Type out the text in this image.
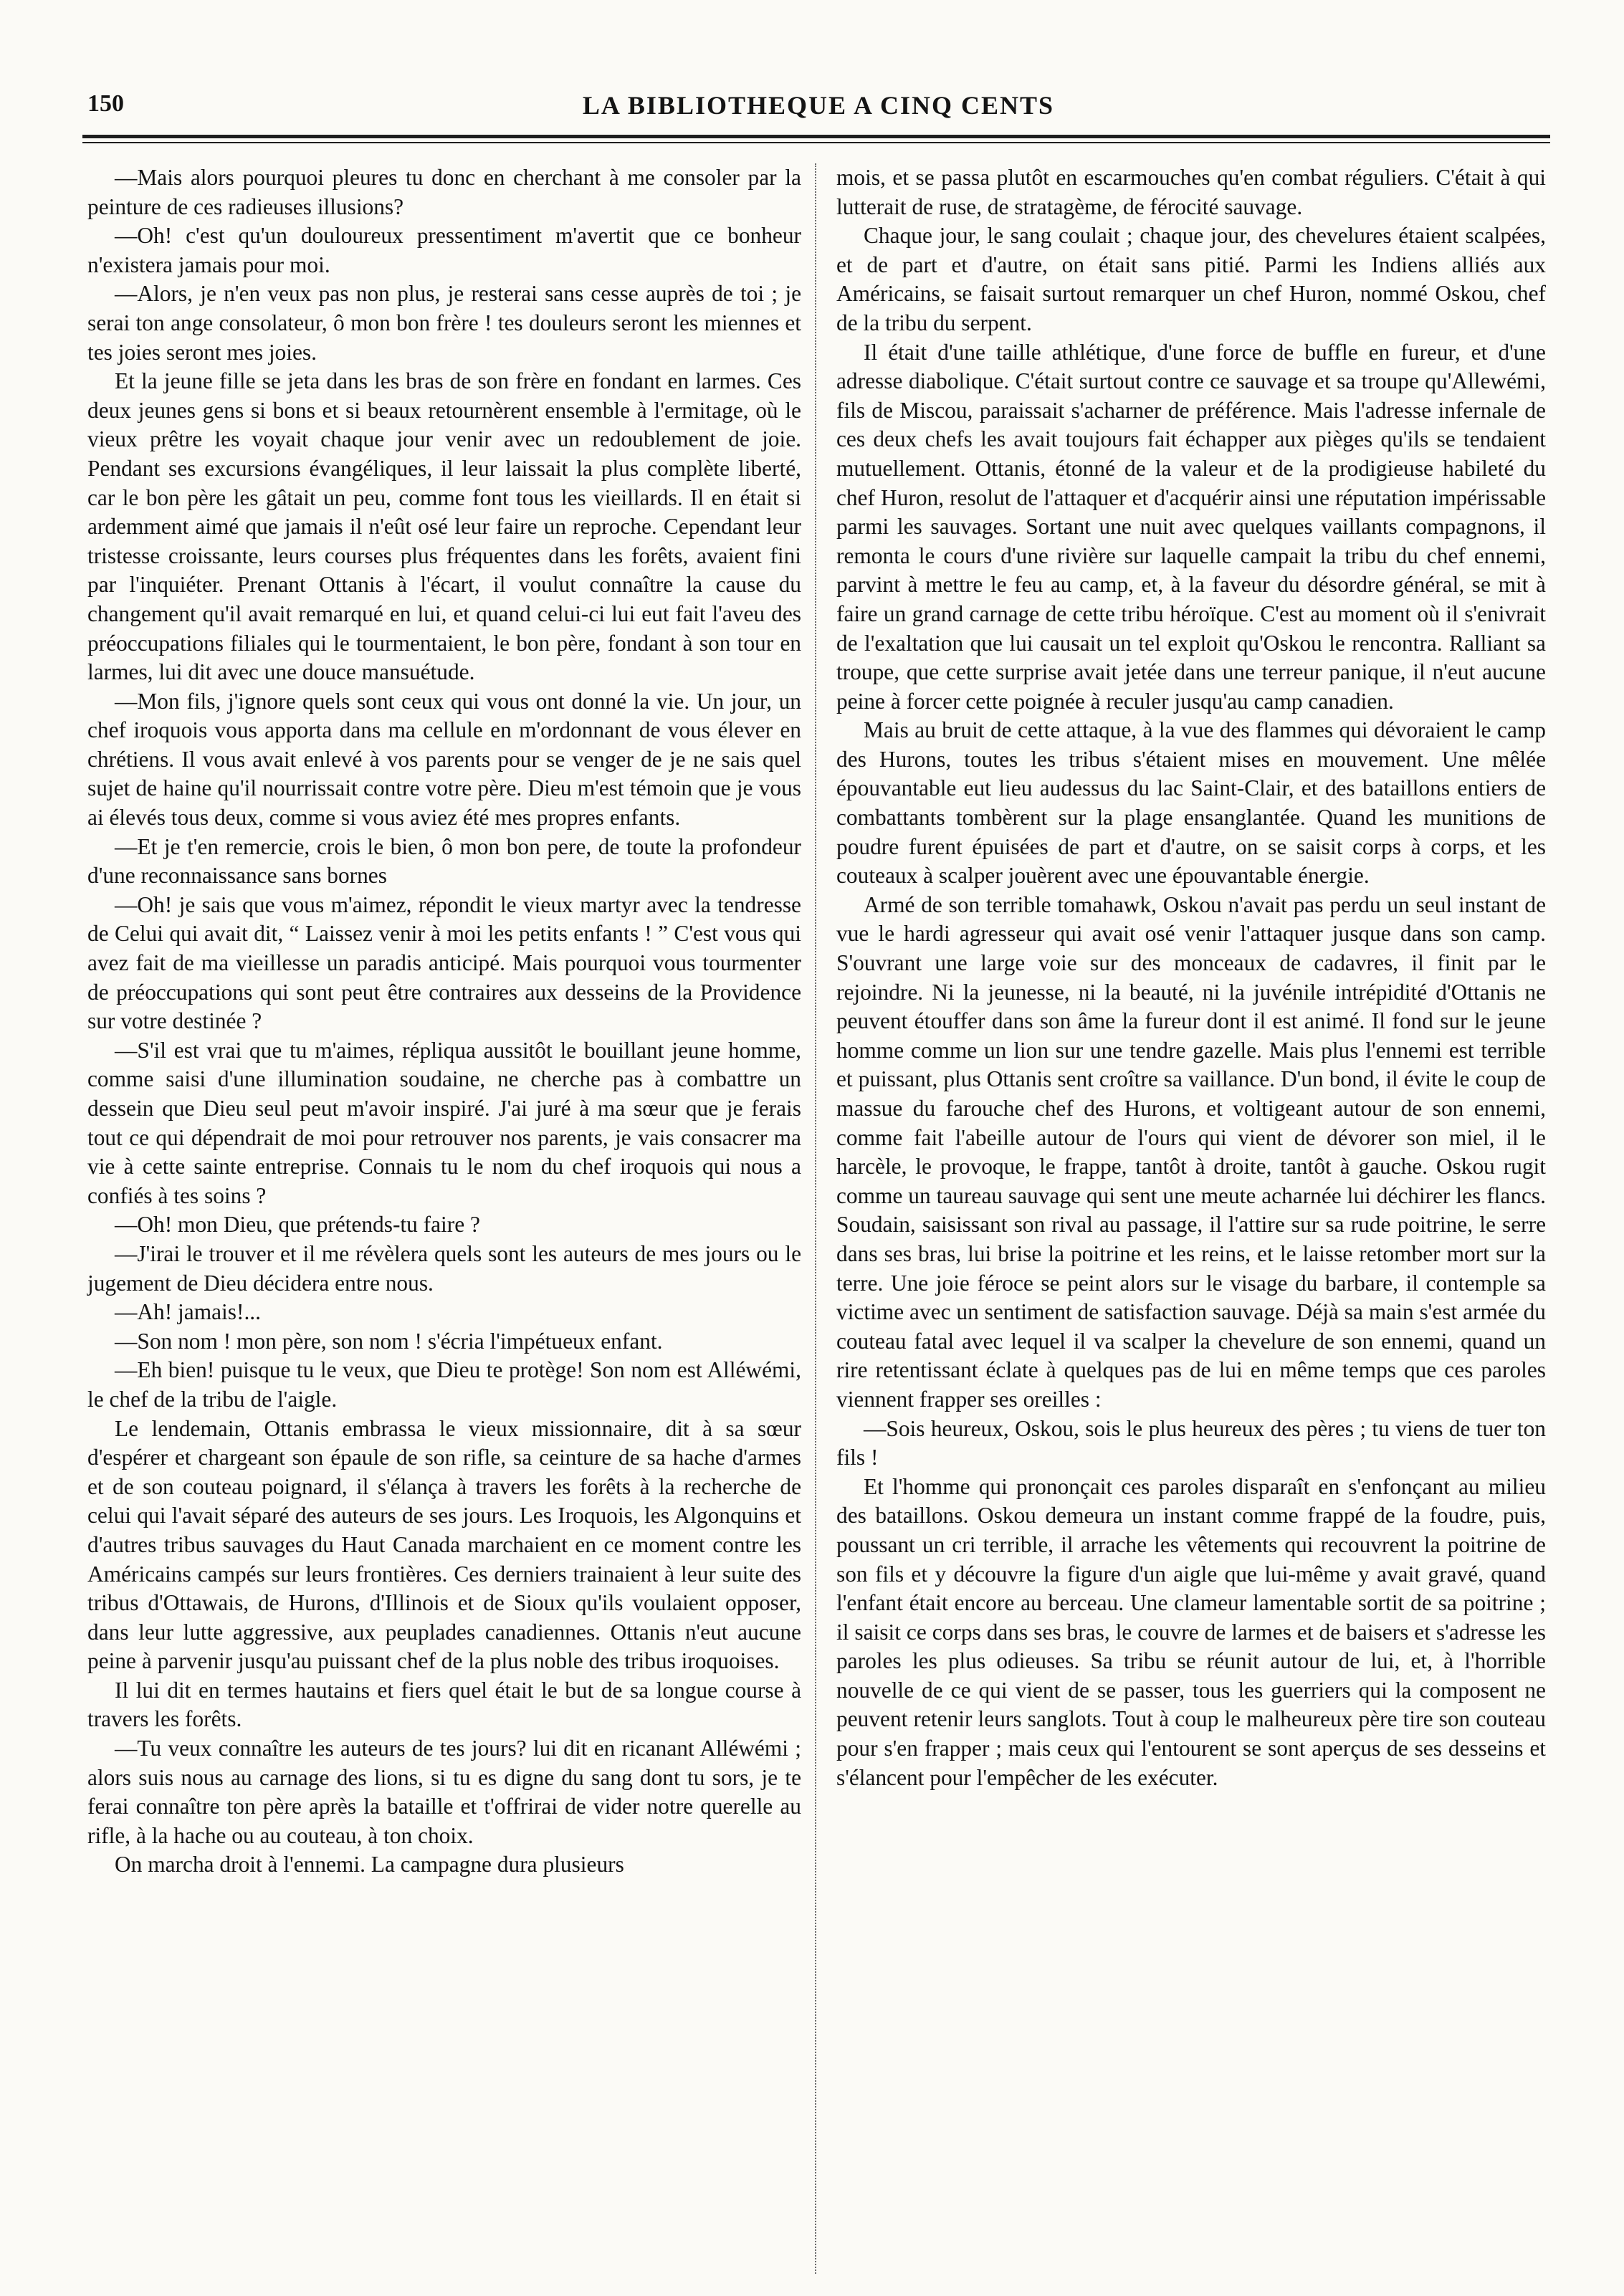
150	LA BIBLIOTHEQUE A CINQ CENTS

—Mais alors pourquoi pleures tu donc en cherchant à me consoler par la peinture de ces radieuses illusions?

—Oh! c'est qu'un douloureux pressentiment m'avertit que ce bonheur n'existera jamais pour moi.

—Alors, je n'en veux pas non plus, je resterai sans cesse auprès de toi ; je serai ton ange consolateur, ô mon bon frère ! tes douleurs seront les miennes et tes joies seront mes joies.

Et la jeune fille se jeta dans les bras de son frère en fondant en larmes. Ces deux jeunes gens si bons et si beaux retournèrent ensemble à l'ermitage, où le vieux prêtre les voyait chaque jour venir avec un redoublement de joie. Pendant ses excursions évangéliques, il leur laissait la plus complète liberté, car le bon père les gâtait un peu, comme font tous les vieillards. Il en était si ardemment aimé que jamais il n'eût osé leur faire un reproche. Cependant leur tristesse croissante, leurs courses plus fréquentes dans les forêts, avaient fini par l'inquiéter. Prenant Ottanis à l'écart, il voulut connaître la cause du changement qu'il avait remarqué en lui, et quand celui-ci lui eut fait l'aveu des préoccupations filiales qui le tourmentaient, le bon père, fondant à son tour en larmes, lui dit avec une douce mansuétude.

—Mon fils, j'ignore quels sont ceux qui vous ont donné la vie. Un jour, un chef iroquois vous apporta dans ma cellule en m'ordonnant de vous élever en chrétiens. Il vous avait enlevé à vos parents pour se venger de je ne sais quel sujet de haine qu'il nourrissait contre votre père. Dieu m'est témoin que je vous ai élevés tous deux, comme si vous aviez été mes propres enfants.

—Et je t'en remercie, crois le bien, ô mon bon pere, de toute la profondeur d'une reconnaissance sans bornes

—Oh! je sais que vous m'aimez, répondit le vieux martyr avec la tendresse de Celui qui avait dit, “ Laissez venir à moi les petits enfants ! ” C'est vous qui avez fait de ma vieillesse un paradis anticipé. Mais pourquoi vous tourmenter de préoccupations qui sont peut être contraires aux desseins de la Providence sur votre destinée ?

—S'il est vrai que tu m'aimes, répliqua aussitôt le bouillant jeune homme, comme saisi d'une illumination soudaine, ne cherche pas à combattre un dessein que Dieu seul peut m'avoir inspiré. J'ai juré à ma sœur que je ferais tout ce qui dépendrait de moi pour retrouver nos parents, je vais consacrer ma vie à cette sainte entreprise. Connais tu le nom du chef iroquois qui nous a confiés à tes soins ?

—Oh! mon Dieu, que prétends-tu faire ?

—J'irai le trouver et il me révèlera quels sont les auteurs de mes jours ou le jugement de Dieu décidera entre nous.

—Ah! jamais!...

—Son nom ! mon père, son nom ! s'écria l'impétueux enfant.

—Eh bien! puisque tu le veux, que Dieu te protège! Son nom est Alléwémi, le chef de la tribu de l'aigle.

Le lendemain, Ottanis embrassa le vieux missionnaire, dit à sa sœur d'espérer et chargeant son épaule de son rifle, sa ceinture de sa hache d'armes et de son couteau poignard, il s'élança à travers les forêts à la recherche de celui qui l'avait séparé des auteurs de ses jours. Les Iroquois, les Algonquins et d'autres tribus sauvages du Haut Canada marchaient en ce moment contre les Américains campés sur leurs frontières. Ces derniers trainaient à leur suite des tribus d'Ottawais, de Hurons, d'Illinois et de Sioux qu'ils voulaient opposer, dans leur lutte aggressive, aux peuplades canadiennes. Ottanis n'eut aucune peine à parvenir jusqu'au puissant chef de la plus noble des tribus iroquoises.

Il lui dit en termes hautains et fiers quel était le but de sa longue course à travers les forêts.

—Tu veux connaître les auteurs de tes jours? lui dit en ricanant Alléwémi ; alors suis nous au carnage des lions, si tu es digne du sang dont tu sors, je te ferai connaître ton père après la bataille et t'offrirai de vider notre querelle au rifle, à la hache ou au couteau, à ton choix.

On marcha droit à l'ennemi. La campagne dura plusieurs

mois, et se passa plutôt en escarmouches qu'en combat réguliers. C'était à qui lutterait de ruse, de stratagème, de férocité sauvage.

Chaque jour, le sang coulait ; chaque jour, des chevelures étaient scalpées, et de part et d'autre, on était sans pitié. Parmi les Indiens alliés aux Américains, se faisait surtout remarquer un chef Huron, nommé Oskou, chef de la tribu du serpent.

Il était d'une taille athlétique, d'une force de buffle en fureur, et d'une adresse diabolique. C'était surtout contre ce sauvage et sa troupe qu'Allewémi, fils de Miscou, paraissait s'acharner de préférence. Mais l'adresse infernale de ces deux chefs les avait toujours fait échapper aux pièges qu'ils se tendaient mutuellement. Ottanis, étonné de la valeur et de la prodigieuse habileté du chef Huron, resolut de l'attaquer et d'acquérir ainsi une réputation impérissable parmi les sauvages. Sortant une nuit avec quelques vaillants compagnons, il remonta le cours d'une rivière sur laquelle campait la tribu du chef ennemi, parvint à mettre le feu au camp, et, à la faveur du désordre général, se mit à faire un grand carnage de cette tribu héroïque. C'est au moment où il s'enivrait de l'exaltation que lui causait un tel exploit qu'Oskou le rencontra. Ralliant sa troupe, que cette surprise avait jetée dans une terreur panique, il n'eut aucune peine à forcer cette poignée à reculer jusqu'au camp canadien.

Mais au bruit de cette attaque, à la vue des flammes qui dévoraient le camp des Hurons, toutes les tribus s'étaient mises en mouvement. Une mêlée épouvantable eut lieu audessus du lac Saint-Clair, et des bataillons entiers de combattants tombèrent sur la plage ensanglantée. Quand les munitions de poudre furent épuisées de part et d'autre, on se saisit corps à corps, et les couteaux à scalper jouèrent avec une épouvantable énergie.

Armé de son terrible tomahawk, Oskou n'avait pas perdu un seul instant de vue le hardi agresseur qui avait osé venir l'attaquer jusque dans son camp. S'ouvrant une large voie sur des monceaux de cadavres, il finit par le rejoindre. Ni la jeunesse, ni la beauté, ni la juvénile intrépidité d'Ottanis ne peuvent étouffer dans son âme la fureur dont il est animé. Il fond sur le jeune homme comme un lion sur une tendre gazelle. Mais plus l'ennemi est terrible et puissant, plus Ottanis sent croître sa vaillance. D'un bond, il évite le coup de massue du farouche chef des Hurons, et voltigeant autour de son ennemi, comme fait l'abeille autour de l'ours qui vient de dévorer son miel, il le harcèle, le provoque, le frappe, tantôt à droite, tantôt à gauche. Oskou rugit comme un taureau sauvage qui sent une meute acharnée lui déchirer les flancs. Soudain, saisissant son rival au passage, il l'attire sur sa rude poitrine, le serre dans ses bras, lui brise la poitrine et les reins, et le laisse retomber mort sur la terre. Une joie féroce se peint alors sur le visage du barbare, il contemple sa victime avec un sentiment de satisfaction sauvage. Déjà sa main s'est armée du couteau fatal avec lequel il va scalper la chevelure de son ennemi, quand un rire retentissant éclate à quelques pas de lui en même temps que ces paroles viennent frapper ses oreilles :

—Sois heureux, Oskou, sois le plus heureux des pères ; tu viens de tuer ton fils !

Et l'homme qui prononçait ces paroles disparaît en s'enfonçant au milieu des bataillons. Oskou demeura un instant comme frappé de la foudre, puis, poussant un cri terrible, il arrache les vêtements qui recouvrent la poitrine de son fils et y découvre la figure d'un aigle que lui-même y avait gravé, quand l'enfant était encore au berceau. Une clameur lamentable sortit de sa poitrine ; il saisit ce corps dans ses bras, le couvre de larmes et de baisers et s'adresse les paroles les plus odieuses. Sa tribu se réunit autour de lui, et, à l'horrible nouvelle de ce qui vient de se passer, tous les guerriers qui la composent ne peuvent retenir leurs sanglots. Tout à coup le malheureux père tire son couteau pour s'en frapper ; mais ceux qui l'entourent se sont aperçus de ses desseins et s'élancent pour l'empêcher de les exécuter.
